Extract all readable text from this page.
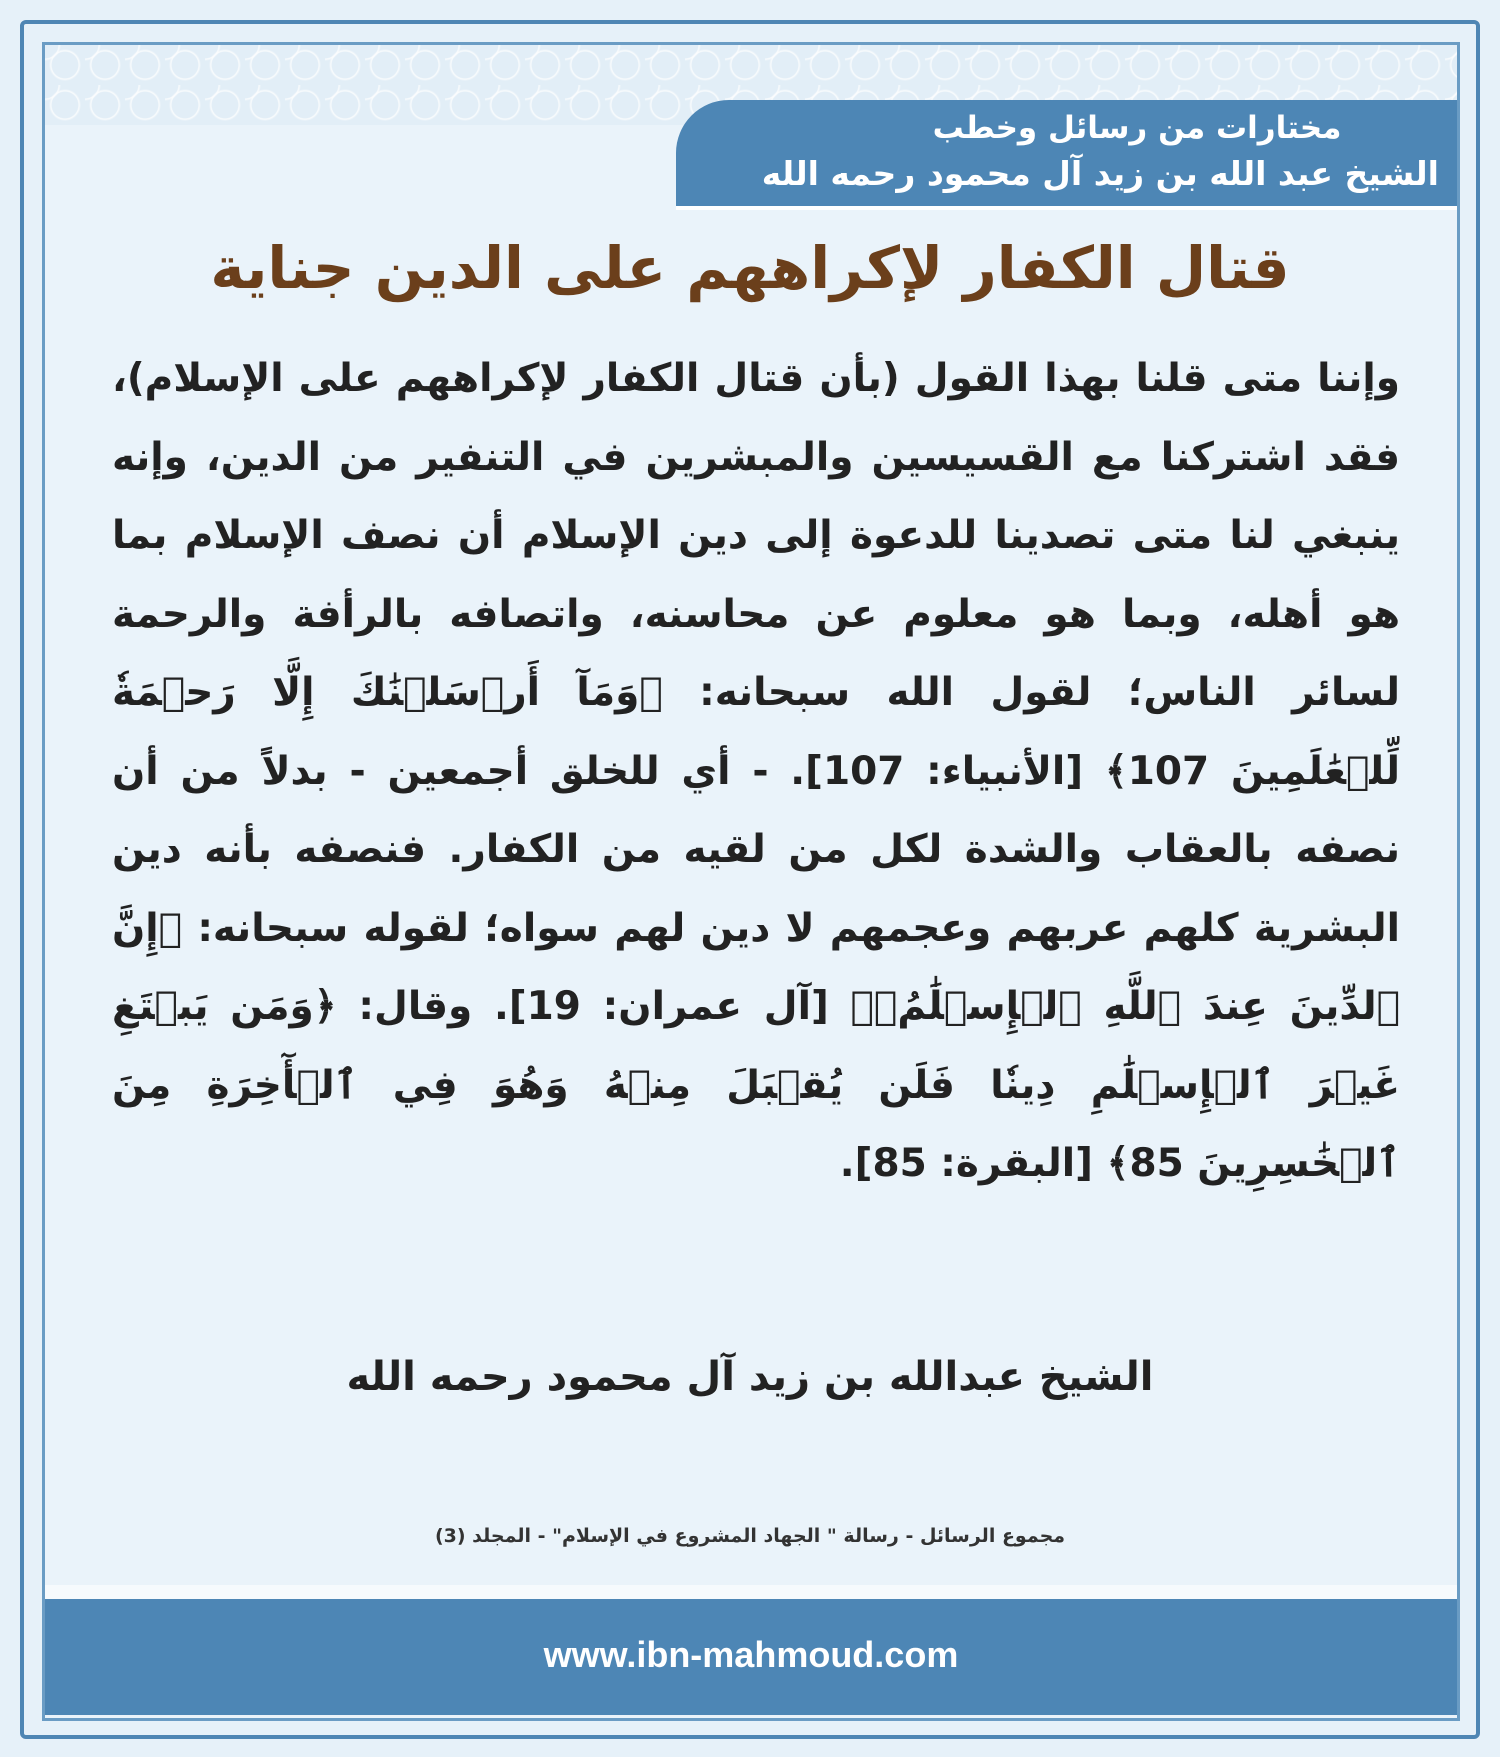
مختارات من رسائل وخطب
الشيخ عبد الله بن زيد آل محمود رحمه الله
قتال الكفار لإكراههم على الدين جناية

وإننا متى قلنا بهذا القول (بأن قتال الكفار لإكراههم على الإسلام)، فقد اشتركنا مع القسيسين والمبشرين في التنفير من الدين، وإنه ينبغي لنا متى تصدينا للدعوة إلى دين الإسلام أن نصف الإسلام بما هو أهله، وبما هو معلوم عن محاسنه، واتصافه بالرأفة والرحمة لسائر الناس؛ لقول الله سبحانه: ﴿وَمَآ أَرۡسَلۡنَٰكَ إِلَّا رَحۡمَةٗ لِّلۡعَٰلَمِينَ 107﴾ [الأنبياء: 107]. - أي للخلق أجمعين - بدلاً من أن نصفه بالعقاب والشدة لكل من لقيه من الكفار. فنصفه بأنه دين البشرية كلهم عربهم وعجمهم لا دين لهم سواه؛ لقوله سبحانه: ﴿إِنَّ ٱلدِّينَ عِندَ ٱللَّهِ ٱلۡإِسۡلَٰمُۗ﴾ [آل عمران: 19]. وقال: ﴿وَمَن يَبۡتَغِ غَيۡرَ ٱلۡإِسۡلَٰمِ دِينٗا فَلَن يُقۡبَلَ مِنۡهُ وَهُوَ فِي ٱلۡأٓخِرَةِ مِنَ ٱلۡخَٰسِرِينَ 85﴾ [البقرة: 85].

الشيخ عبدالله بن زيد آل محمود رحمه الله
مجموع الرسائل - رسالة " الجهاد المشروع في الإسلام" - المجلد (3)
www.ibn-mahmoud.com
